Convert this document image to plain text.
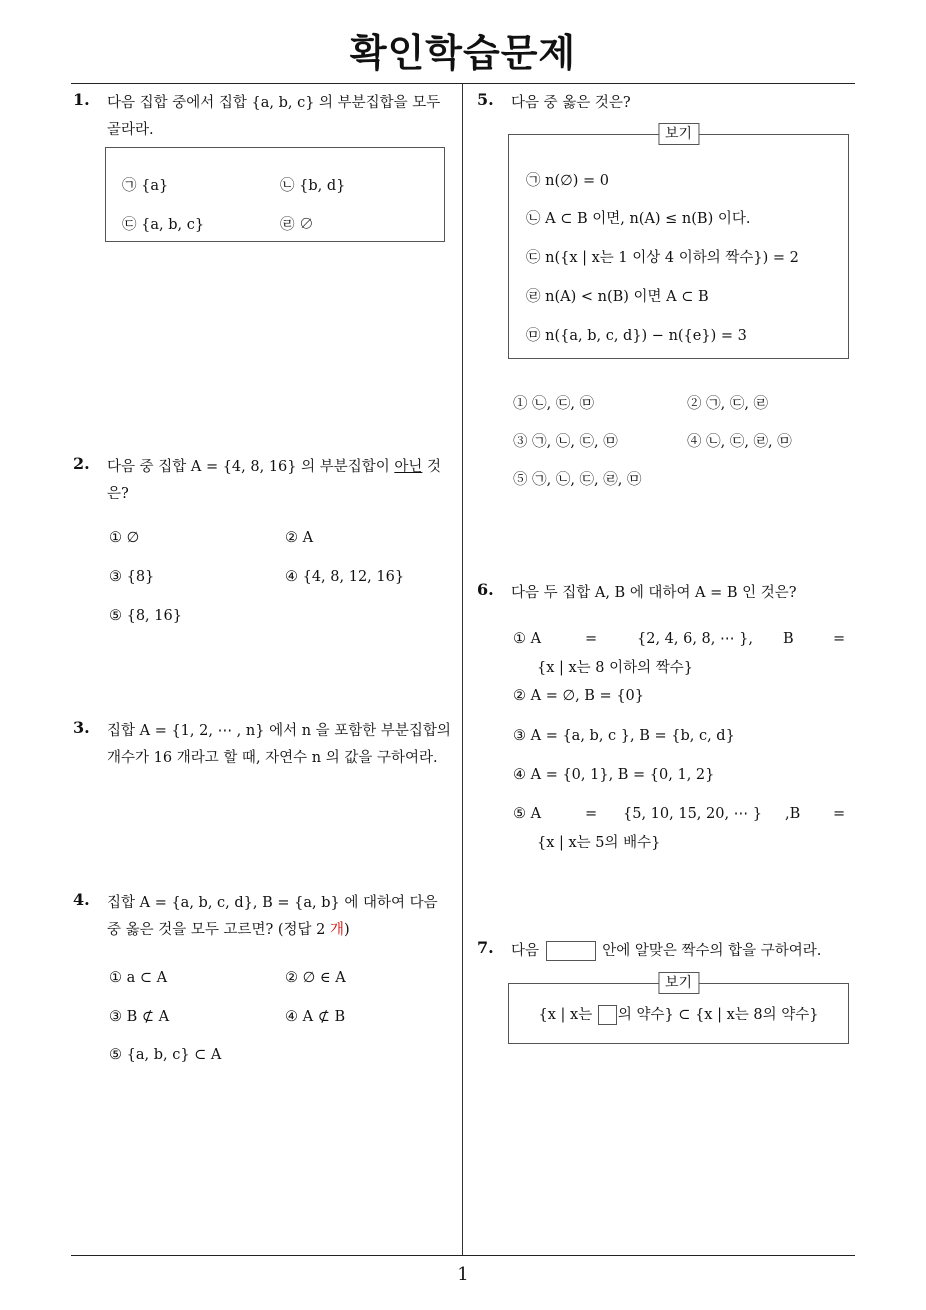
확인학습문제
1
1. 다음 집합 중에서 집합 {a, b, c} 의 부분집합을 모두
골라라.
㉠ {a}	㉡ {b, d}
㉢ {a, b, c}	㉣ ∅
2. 다음 중 집합 A = {4, 8, 16} 의 부분집합이 아닌 것
은?
① ∅	② A
③ {8}	④ {4, 8, 12, 16}
⑤ {8, 16}
3. 집합 A = {1, 2, ⋯ , n} 에서 n 을 포함한 부분집합의
개수가 16 개라고 할 때, 자연수 n 의 값을 구하여라.
4. 집합 A = {a, b, c, d}, B = {a, b} 에 대하여 다음
중 옳은 것을 모두 고르면? (정답 2 개)
① a ⊂ A	② ∅ ∈ A
③ B ⊄ A	④ A ⊄ B
⑤ {a, b, c} ⊂ A
5. 다음 중 옳은 것은?
보기
㉠ n(∅) = 0
㉡ A ⊂ B 이면, n(A) ≤ n(B) 이다.
㉢ n({x | x는 1 이상 4 이하의 짝수}) = 2
㉣ n(A) < n(B) 이면 A ⊂ B
㉤ n({a, b, c, d}) − n({e}) = 3
① ㉡, ㉢, ㉤	② ㉠, ㉢, ㉣
③ ㉠, ㉡, ㉢, ㉤	④ ㉡, ㉢, ㉣, ㉤
⑤ ㉠, ㉡, ㉢, ㉣, ㉤
6. 다음 두 집합 A, B 에 대하여 A = B 인 것은?
① A	=	{2, 4, 6, 8, ⋯ }, B	=
{x | x는 8 이하의 짝수}
② A = ∅, B = {0}
③ A = {a, b, c }, B = {b, c, d}
④ A = {0, 1}, B = {0, 1, 2}
⑤ A	= {5, 10, 15, 20, ⋯ } ,B =
{x | x는 5의 배수}
7. 다음	안에 알맞은 짝수의 합을 구하여라.
보기
{x | x는 의 약수} ⊂ {x | x는 8의 약수}
